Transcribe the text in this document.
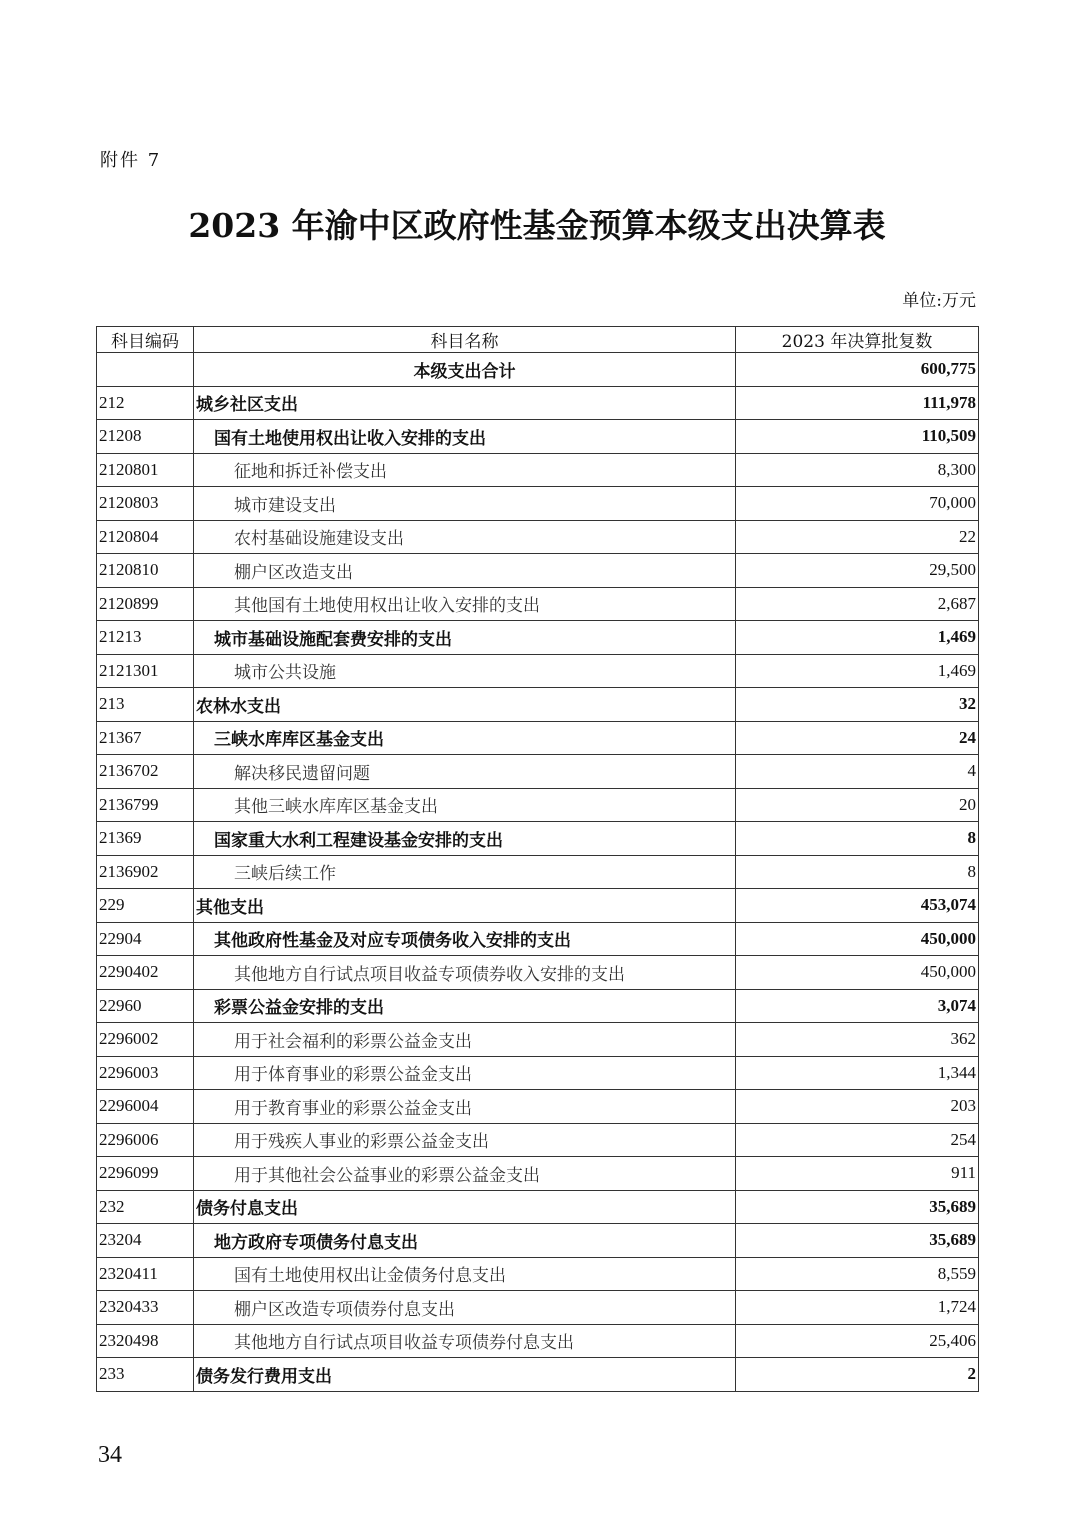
附件 7
2023 年渝中区政府性基金预算本级支出决算表
单位:万元
科目编码	科目名称	2023 年决算批复数
	本级支出合计	600,775
212	城乡社区支出	111,978
21208	国有土地使用权出让收入安排的支出	110,509
2120801	征地和拆迁补偿支出	8,300
2120803	城市建设支出	70,000
2120804	农村基础设施建设支出	22
2120810	棚户区改造支出	29,500
2120899	其他国有土地使用权出让收入安排的支出	2,687
21213	城市基础设施配套费安排的支出	1,469
2121301	城市公共设施	1,469
213	农林水支出	32
21367	三峡水库库区基金支出	24
2136702	解决移民遗留问题	4
2136799	其他三峡水库库区基金支出	20
21369	国家重大水利工程建设基金安排的支出	8
2136902	三峡后续工作	8
229	其他支出	453,074
22904	其他政府性基金及对应专项债务收入安排的支出	450,000
2290402	其他地方自行试点项目收益专项债券收入安排的支出	450,000
22960	彩票公益金安排的支出	3,074
2296002	用于社会福利的彩票公益金支出	362
2296003	用于体育事业的彩票公益金支出	1,344
2296004	用于教育事业的彩票公益金支出	203
2296006	用于残疾人事业的彩票公益金支出	254
2296099	用于其他社会公益事业的彩票公益金支出	911
232	债务付息支出	35,689
23204	地方政府专项债务付息支出	35,689
2320411	国有土地使用权出让金债务付息支出	8,559
2320433	棚户区改造专项债券付息支出	1,724
2320498	其他地方自行试点项目收益专项债券付息支出	25,406
233	债务发行费用支出	2
34
